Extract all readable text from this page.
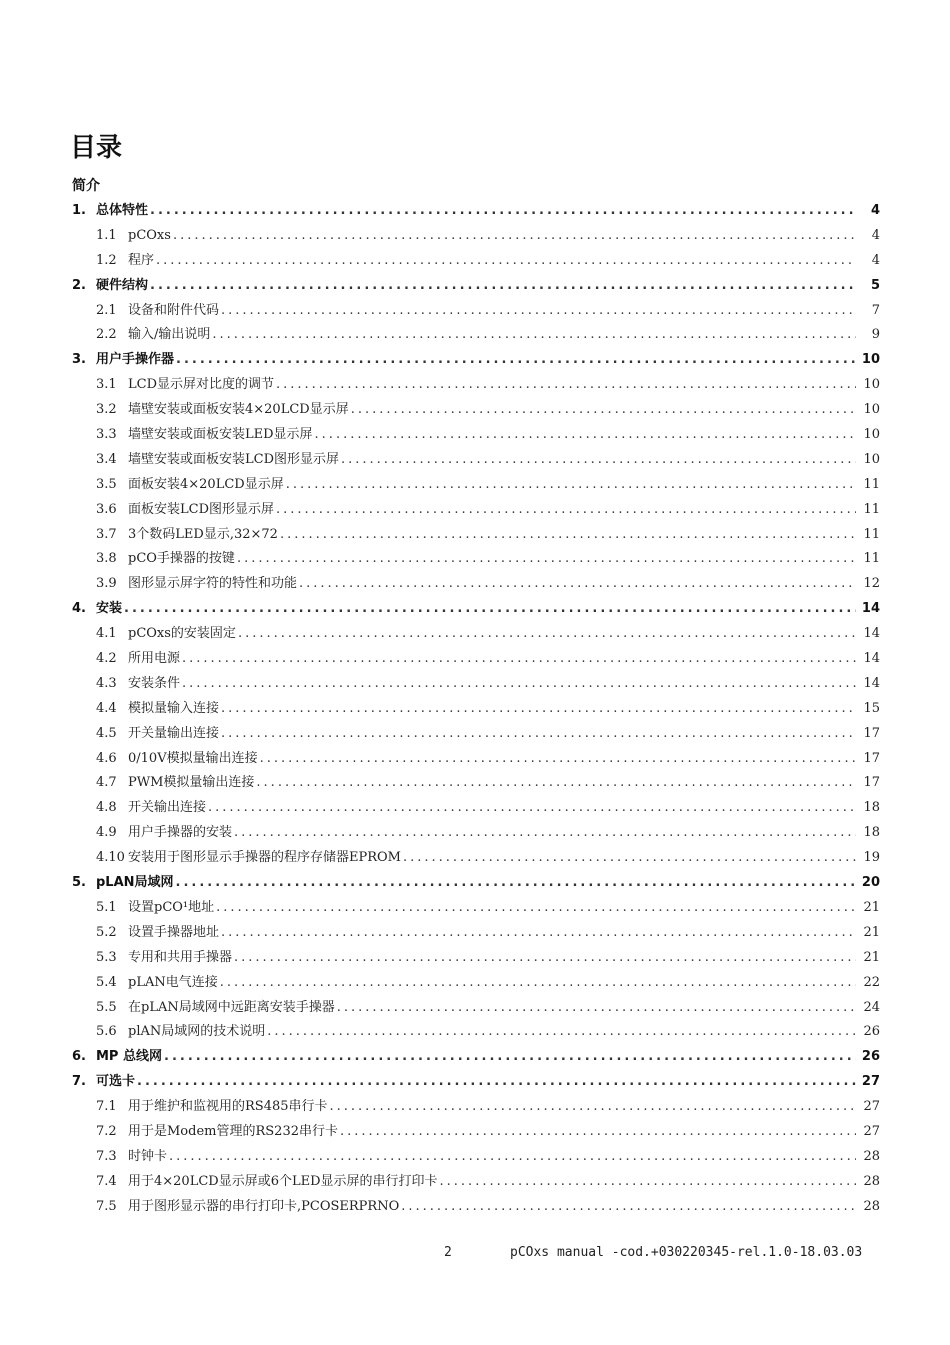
目录
简介
1. 总体特性 .....	4
1.1 pCOxs .....	4
1.2 程序 .....	4
2. 硬件结构 .....	5
2.1 设备和附件代码 .....	7
2.2 输入/输出说明 .....	9
3. 用户手操作器 .....	10
3.1 LCD显示屏对比度的调节 .....	10
3.2 墙壁安装或面板安装4×20LCD显示屏 .....	10
3.3 墙壁安装或面板安装LED显示屏 .....	10
3.4 墙壁安装或面板安装LCD图形显示屏 .....	10
3.5 面板安装4×20LCD显示屏 .....	11
3.6 面板安装LCD图形显示屏 .....	11
3.7 3个数码LED显示,32×72 .....	11
3.8 pCO手操器的按键 .....	11
3.9 图形显示屏字符的特性和功能 .....	12
4. 安装 .....	14
4.1 pCOxs的安装固定 .....	14
4.2 所用电源 .....	14
4.3 安装条件 .....	14
4.4 模拟量输入连接 .....	15
4.5 开关量输出连接 .....	17
4.6 0/10V模拟量输出连接 .....	17
4.7 PWM模拟量输出连接 .....	17
4.8 开关输出连接 .....	18
4.9 用户手操器的安装 .....	18
4.10 安装用于图形显示手操器的程序存储器EPROM .....	19
5. pLAN局域网 .....	20
5.1 设置pCO¹地址 .....	21
5.2 设置手操器地址 .....	21
5.3 专用和共用手操器 .....	21
5.4 pLAN电气连接 .....	22
5.5 在pLAN局域网中远距离安装手操器 .....	24
5.6 plAN局域网的技术说明 .....	26
6. MP 总线网 .....	26
7. 可选卡 .....	27
7.1 用于维护和监视用的RS485串行卡 .....	27
7.2 用于是Modem管理的RS232串行卡 .....	27
7.3 时钟卡 .....	28
7.4 用于4×20LCD显示屏或6个LED显示屏的串行打印卡 .....	28
7.5 用于图形显示器的串行打印卡,PCOSERPRNO .....	28
2	pCOxs manual -cod.+030220345-rel.1.0-18.03.03
